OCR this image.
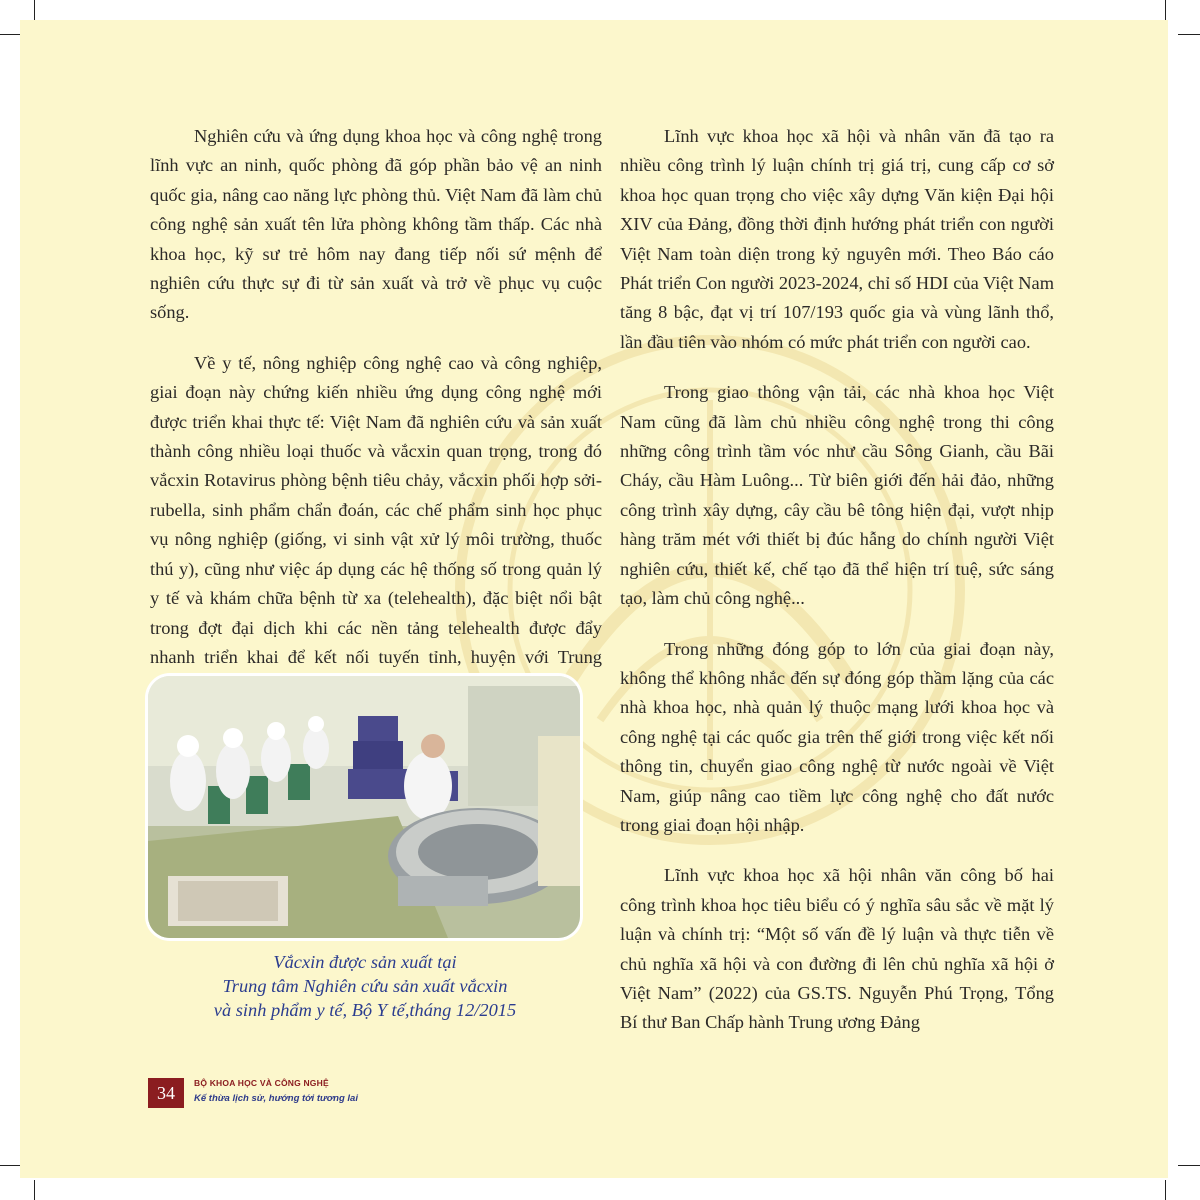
Nghiên cứu và ứng dụng khoa học và công nghệ trong lĩnh vực an ninh, quốc phòng đã góp phần bảo vệ an ninh quốc gia, nâng cao năng lực phòng thủ. Việt Nam đã làm chủ công nghệ sản xuất tên lửa phòng không tầm thấp. Các nhà khoa học, kỹ sư trẻ hôm nay đang tiếp nối sứ mệnh để nghiên cứu thực sự đi từ sản xuất và trở về phục vụ cuộc sống.

Về y tế, nông nghiệp công nghệ cao và công nghiệp, giai đoạn này chứng kiến nhiều ứng dụng công nghệ mới được triển khai thực tế: Việt Nam đã nghiên cứu và sản xuất thành công nhiều loại thuốc và vắcxin quan trọng, trong đó vắcxin Rotavirus phòng bệnh tiêu chảy, vắcxin phối hợp sởi-rubella, sinh phẩm chẩn đoán, các chế phẩm sinh học phục vụ nông nghiệp (giống, vi sinh vật xử lý môi trường, thuốc thú y), cũng như việc áp dụng các hệ thống số trong quản lý y tế và khám chữa bệnh từ xa (telehealth), đặc biệt nổi bật trong đợt đại dịch khi các nền tảng telehealth được đẩy nhanh triển khai để kết nối tuyến tỉnh, huyện với Trung

Vắcxin được sản xuất tại
Trung tâm Nghiên cứu sản xuất vắcxin
và sinh phẩm y tế, Bộ Y tế,tháng 12/2015

Lĩnh vực khoa học xã hội và nhân văn đã tạo ra nhiều công trình lý luận chính trị giá trị, cung cấp cơ sở khoa học quan trọng cho việc xây dựng Văn kiện Đại hội XIV của Đảng, đồng thời định hướng phát triển con người Việt Nam toàn diện trong kỷ nguyên mới. Theo Báo cáo Phát triển Con người 2023-2024, chỉ số HDI của Việt Nam tăng 8 bậc, đạt vị trí 107/193 quốc gia và vùng lãnh thổ, lần đầu tiên vào nhóm có mức phát triển con người cao.

Trong giao thông vận tải, các nhà khoa học Việt Nam cũng đã làm chủ nhiều công nghệ trong thi công những công trình tầm vóc như cầu Sông Gianh, cầu Bãi Cháy, cầu Hàm Luông... Từ biên giới đến hải đảo, những công trình xây dựng, cây cầu bê tông hiện đại, vượt nhịp hàng trăm mét với thiết bị đúc hẫng do chính người Việt nghiên cứu, thiết kế, chế tạo đã thể hiện trí tuệ, sức sáng tạo, làm chủ công nghệ...

Trong những đóng góp to lớn của giai đoạn này, không thể không nhắc đến sự đóng góp thầm lặng của các nhà khoa học, nhà quản lý thuộc mạng lưới khoa học và công nghệ tại các quốc gia trên thế giới trong việc kết nối thông tin, chuyển giao công nghệ từ nước ngoài về Việt Nam, giúp nâng cao tiềm lực công nghệ cho đất nước trong giai đoạn hội nhập.

Lĩnh vực khoa học xã hội nhân văn công bố hai công trình khoa học tiêu biểu có ý nghĩa sâu sắc về mặt lý luận và chính trị: “Một số vấn đề lý luận và thực tiễn về chủ nghĩa xã hội và con đường đi lên chủ nghĩa xã hội ở Việt Nam” (2022) của GS.TS. Nguyễn Phú Trọng, Tổng Bí thư Ban Chấp hành Trung ương Đảng

34	BỘ KHOA HỌC VÀ CÔNG NGHỆ
Kế thừa lịch sử, hướng tới tương lai
